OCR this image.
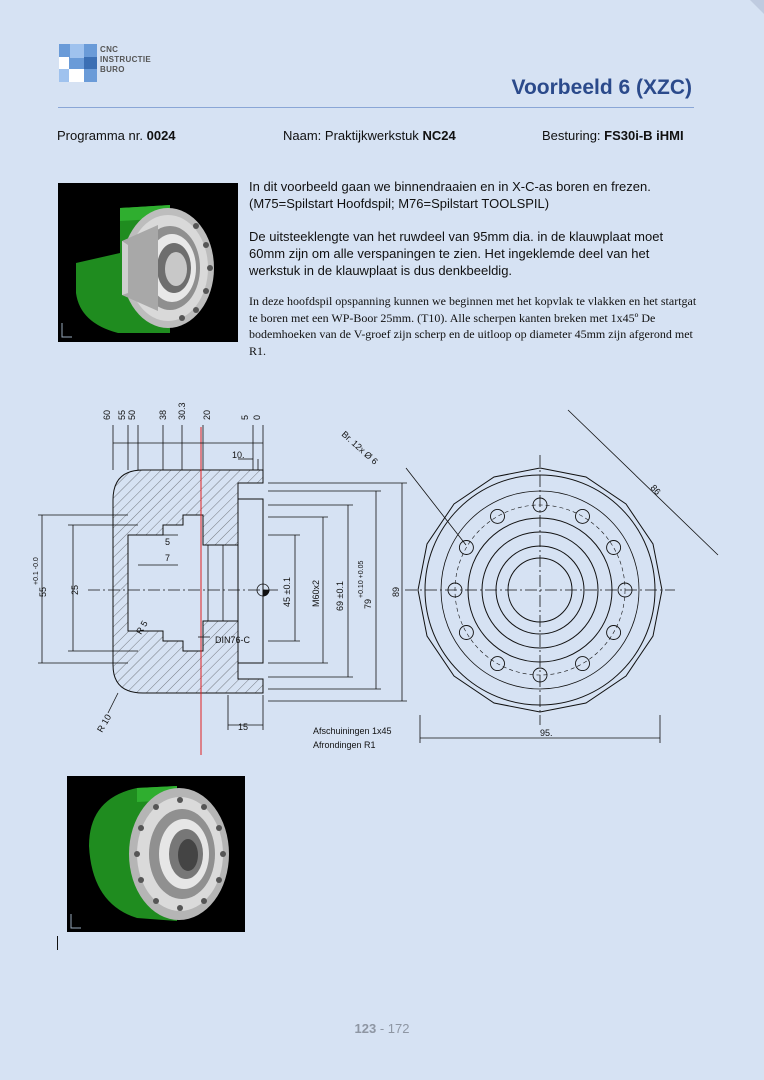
CNC
INSTRUCTIE
BURO
Voorbeeld 6 (XZC)
Programma nr. 0024	Naam: Praktijkwerkstuk NC24	Besturing: FS30i-B iHMI
In dit voorbeeld gaan we binnendraaien en in X-C-as boren en frezen. (M75=Spilstart Hoofdspil; M76=Spilstart TOOLSPIL)
De uitsteeklengte van het ruwdeel van 95mm dia. in de klauwplaat moet 60mm zijn om alle verspaningen te zien. Het ingeklemde deel van het werkstuk in de klauwplaat is dus denkbeeldig.
In deze hoofdspil opspanning kunnen we beginnen met het kopvlak te vlakken en het startgat te boren met een WP-Boor 25mm. (T10). Alle scherpen kanten breken met 1x45º De bodemhoeken van de V-groef zijn scherp en de uitloop op diameter 45mm zijn afgerond met R1.
60 55 50 38 30.3 20	5 0
10.
5
7
R 5
DIN76-C
R 10	15
55
+0.1 -0.0
25	45 ±0.1 M60x2 69 ±0.1 79
+0.10 +0.05	89
Br. 12x Ø 6
86
95.
Afschuiningen 1x45
Afrondingen R1
123 - 172
